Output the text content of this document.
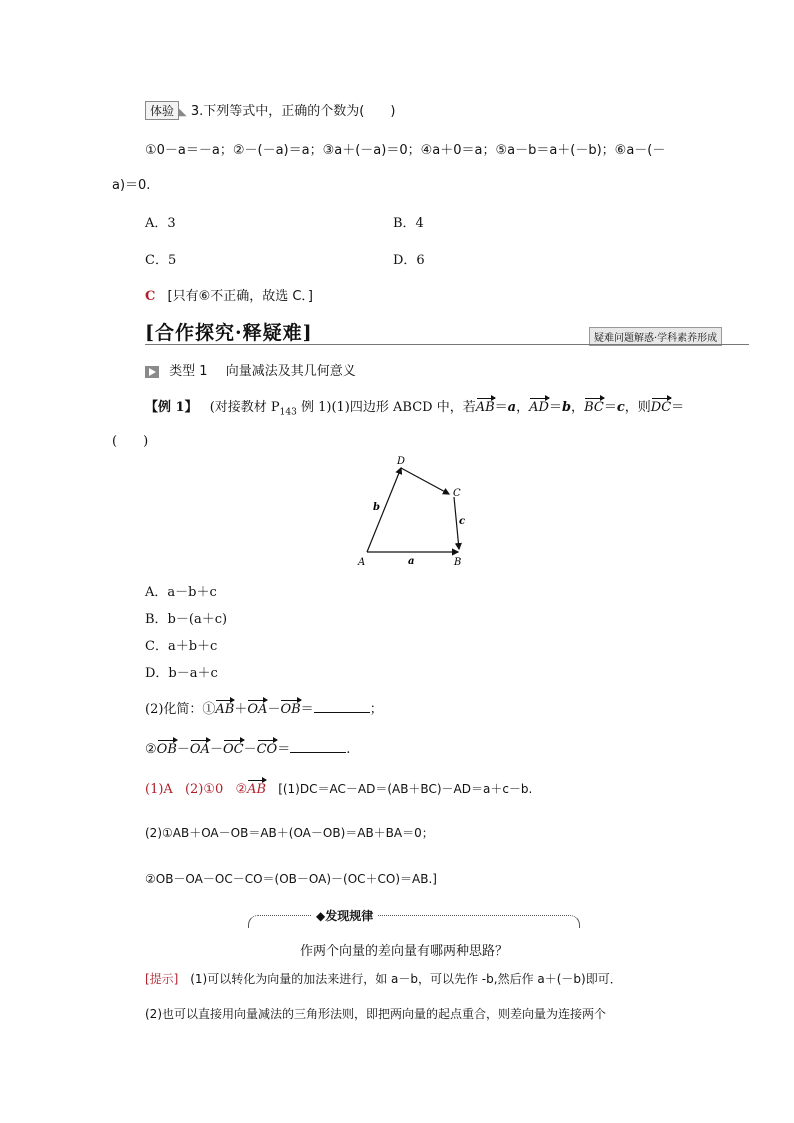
体验 ◣ 3.下列等式中，正确的个数为(　　)
①0－a＝－a；②－(－a)＝a；③a＋(－a)＝0；④a＋0＝a；⑤a－b＝a＋(－b)；⑥a－(－
a)＝0.
A．3	B．4
C．5	D．6
C [只有⑥不正确，故选 C．]
[合作探究·释疑难]	疑难问题解惑·学科素养形成
类型 1 向量减法及其几何意义
【例 1】 (对接教材 $P_{143}$ 例 1)(1)四边形 ABCD 中，若AB＝a，AD＝b，BC＝c，则DC＝
(　　)
A	B
C
D
a
b
c
A．a－b＋c
B．b－(a＋c)
C．a＋b＋c
D．b－a＋c
(2)化简：①AB＋OA－OB＝	；
②OB－OA－OC－CO＝	.
(1)A (2)①0 ②AB [(1)DC＝AC－AD＝(AB＋BC)－AD＝a＋c－b.
(2)①AB＋OA－OB＝AB＋(OA－OB)＝AB＋BA＝0；
②OB－OA－OC－CO＝(OB－OA)－(OC＋CO)＝AB.]
◆发现规律
作两个向量的差向量有哪两种思路？
[提示] (1)可以转化为向量的加法来进行，如 a－b，可以先作 -b,然后作 a＋(－b)即可．
(2)也可以直接用向量减法的三角形法则，即把两向量的起点重合，则差向量为连接两个
